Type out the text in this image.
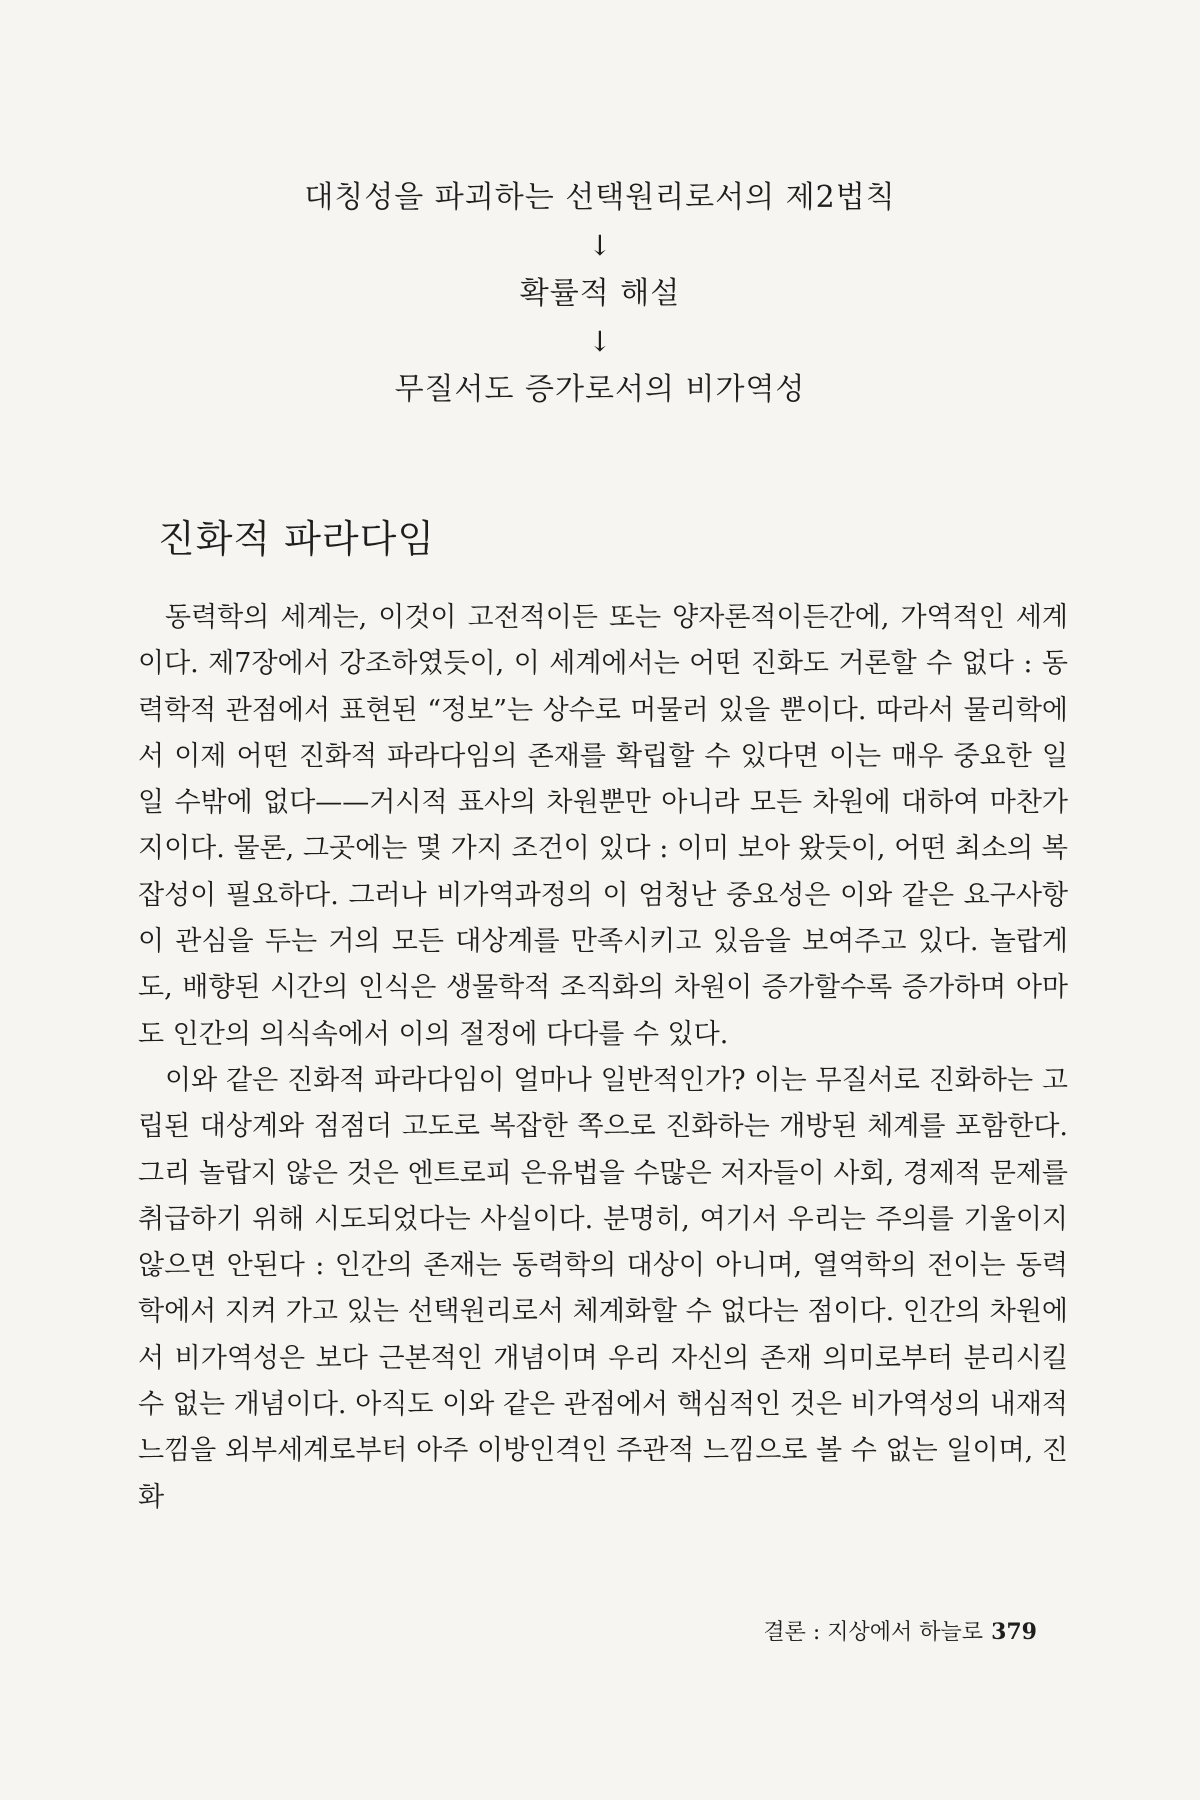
대칭성을 파괴하는 선택원리로서의 제2법칙
↓
확률적 해설
↓
무질서도 증가로서의 비가역성
진화적 파라다임

동력학의 세계는, 이것이 고전적이든 또는 양자론적이든간에, 가역적인 세계이다. 제7장에서 강조하였듯이, 이 세계에서는 어떤 진화도 거론할 수 없다 : 동력학적 관점에서 표현된 “정보”는 상수로 머물러 있을 뿐이다. 따라서 물리학에서 이제 어떤 진화적 파라다임의 존재를 확립할 수 있다면 이는 매우 중요한 일일 수밖에 없다——거시적 표사의 차원뿐만 아니라 모든 차원에 대하여 마찬가지이다. 물론, 그곳에는 몇 가지 조건이 있다 : 이미 보아 왔듯이, 어떤 최소의 복잡성이 필요하다. 그러나 비가역과정의 이 엄청난 중요성은 이와 같은 요구사항이 관심을 두는 거의 모든 대상계를 만족시키고 있음을 보여주고 있다. 놀랍게도, 배향된 시간의 인식은 생물학적 조직화의 차원이 증가할수록 증가하며 아마도 인간의 의식속에서 이의 절정에 다다를 수 있다.

이와 같은 진화적 파라다임이 얼마나 일반적인가? 이는 무질서로 진화하는 고립된 대상계와 점점더 고도로 복잡한 쪽으로 진화하는 개방된 체계를 포함한다. 그리 놀랍지 않은 것은 엔트로피 은유법을 수많은 저자들이 사회, 경제적 문제를 취급하기 위해 시도되었다는 사실이다. 분명히, 여기서 우리는 주의를 기울이지 않으면 안된다 : 인간의 존재는 동력학의 대상이 아니며, 열역학의 전이는 동력학에서 지켜 가고 있는 선택원리로서 체계화할 수 없다는 점이다. 인간의 차원에서 비가역성은 보다 근본적인 개념이며 우리 자신의 존재 의미로부터 분리시킬 수 없는 개념이다. 아직도 이와 같은 관점에서 핵심적인 것은 비가역성의 내재적 느낌을 외부세계로부터 아주 이방인격인 주관적 느낌으로 볼 수 없는 일이며, 진화

결론 : 지상에서 하늘로 379
